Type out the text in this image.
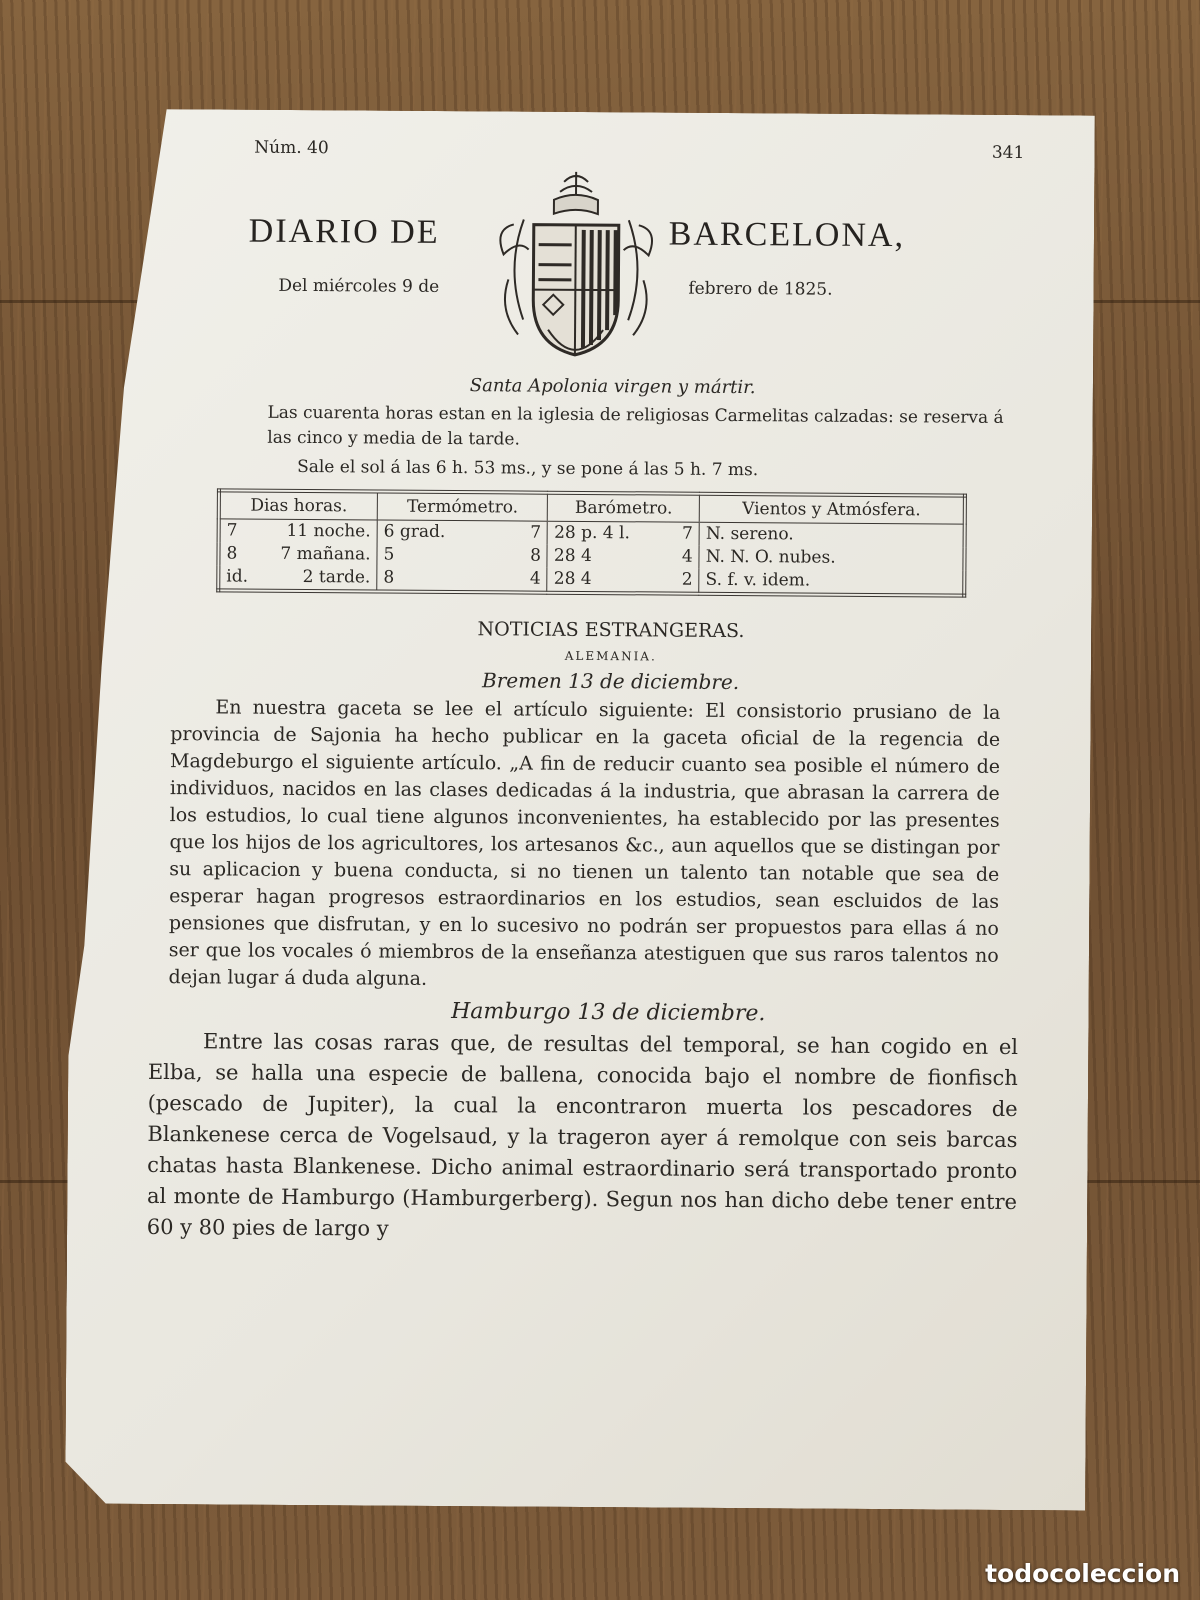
Núm. 40	341
DIARIO DE	BARCELONA,
Del miércoles 9 de	febrero de 1825.
Santa Apolonia virgen y mártir.

Las cuarenta horas estan en la iglesia de religiosas Carmelitas calzadas: se reserva á las cinco y media de la tarde.

Sale el sol á las 6 h. 53 ms., y se pone á las 5 h. 7 ms.
Dias horas.	Termómetro.	Barómetro.	Vientos y Atmósfera.

7 11 noche.	6 grad. 7	28 p. 4 l. 7	N. sereno.

8 7 mañana.	5 8	28 4 4	N. N. O. nubes.

id. 2 tarde.	8 4	28 4 2	S. f. v. idem.
NOTICIAS ESTRANGERAS.
ALEMANIA.
Bremen 13 de diciembre.

En nuestra gaceta se lee el artículo siguiente: El consistorio prusiano de la provincia de Sajonia ha hecho publicar en la gaceta oficial de la regencia de Magdeburgo el siguiente artículo. „A fin de reducir cuanto sea posible el número de individuos, nacidos en las clases dedicadas á la industria, que abrasan la carrera de los estudios, lo cual tiene algunos inconvenientes, ha establecido por las presentes que los hijos de los agricultores, los artesanos &c., aun aquellos que se distingan por su aplicacion y buena conducta, si no tienen un talento tan notable que sea de esperar hagan progresos estraordinarios en los estudios, sean escluidos de las pensiones que disfrutan, y en lo sucesivo no podrán ser propuestos para ellas á no ser que los vocales ó miembros de la enseñanza atestiguen que sus raros talentos no dejan lugar á duda alguna.

Hamburgo 13 de diciembre.

Entre las cosas raras que, de resultas del temporal, se han cogido en el Elba, se halla una especie de ballena, conocida bajo el nombre de fionfisch (pescado de Jupiter), la cual la encontraron muerta los pescadores de Blankenese cerca de Vogelsaud, y la trageron ayer á remolque con seis barcas chatas hasta Blankenese. Dicho animal estraordinario será transportado pronto al monte de Hamburgo (Hamburgerberg). Segun nos han dicho debe tener entre 60 y 80 pies de largo y

todocoleccion
